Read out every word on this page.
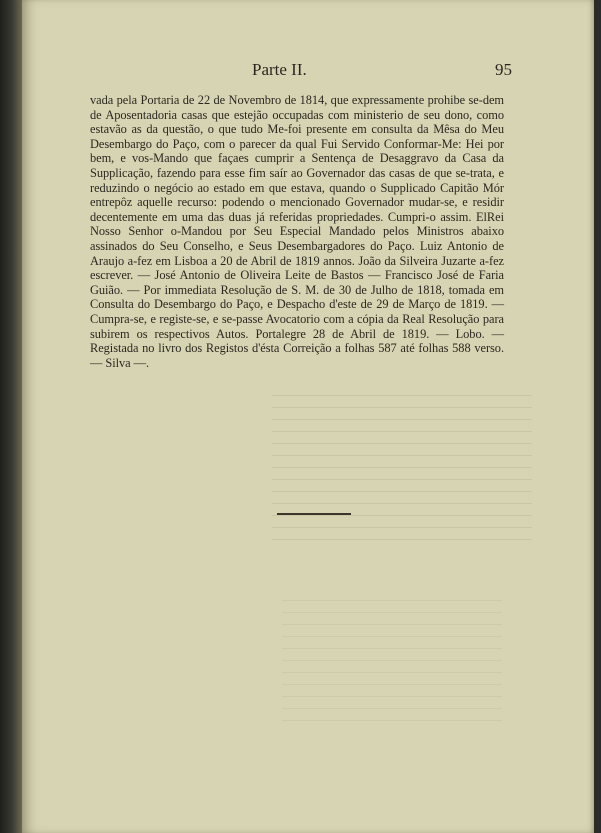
Parte II.	95

vada pela Portaria de 22 de Novembro de 1814, que expressamente prohibe se-dem de Aposentadoria casas que estejão occupadas com ministerio de seu dono, como estavão as da questão, o que tudo Me-foi presente em consulta da Mêsa do Meu Desembargo do Paço, com o parecer da qual Fui Servido Conformar-Me: Hei por bem, e vos-Mando que façaes cumprir a Sentença de Desaggravo da Casa da Supplicação, fazendo para esse fim saír ao Governador das casas de que se-trata, e reduzindo o negócio ao estado em que estava, quando o Supplicado Capitão Mór entrepôz aquelle recurso: podendo o mencionado Governador mudar-se, e residir decentemente em uma das duas já referidas propriedades. Cumpri-o assim. ElRei Nosso Senhor o-Mandou por Seu Especial Mandado pelos Ministros abaixo assinados do Seu Conselho, e Seus Desembargadores do Paço. Luiz Antonio de Araujo a-fez em Lisboa a 20 de Abril de 1819 annos. João da Silveira Juzarte a-fez escrever. — José Antonio de Oliveira Leite de Bastos — Francisco José de Faria Guião. — Por immediata Resolução de S. M. de 30 de Julho de 1818, tomada em Consulta do Desembargo do Paço, e Despacho d'este de 29 de Março de 1819. — Cumpra-se, e registe-se, e se-passe Avocatorio com a cópia da Real Resolução para subirem os respectivos Autos. Portalegre 28 de Abril de 1819. — Lobo. — Registada no livro dos Registos d'ésta Correição a folhas 587 até folhas 588 verso. — Silva —.
